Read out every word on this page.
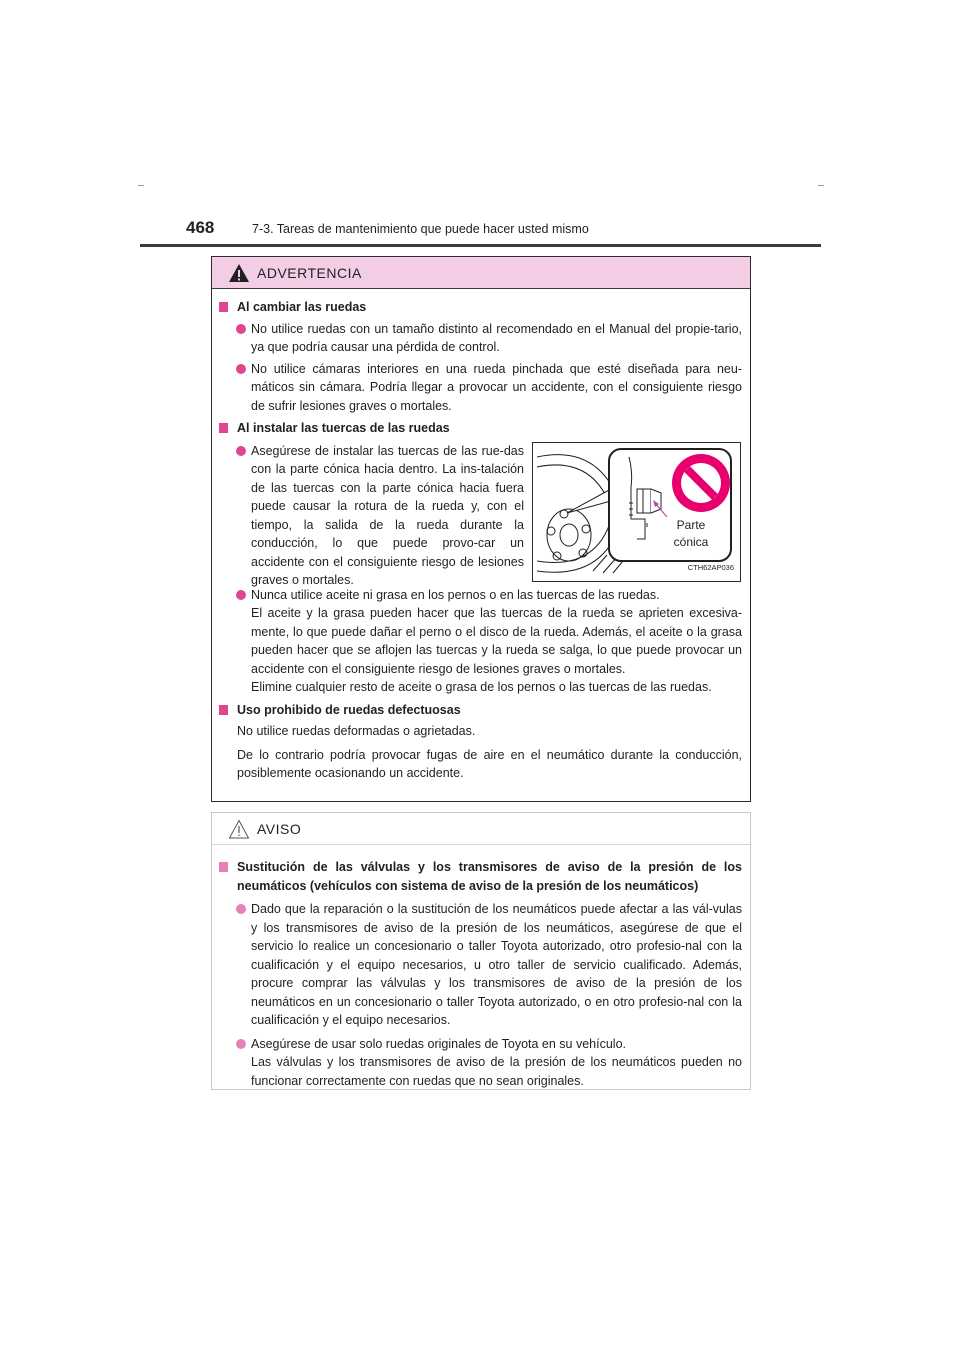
468	7-3. Tareas de mantenimiento que puede hacer usted mismo
ADVERTENCIA
Al cambiar las ruedas
No utilice ruedas con un tamaño distinto al recomendado en el Manual del propie-tario, ya que podría causar una pérdida de control.
No utilice cámaras interiores en una rueda pinchada que esté diseñada para neu-máticos sin cámara. Podría llegar a provocar un accidente, con el consiguiente riesgo de sufrir lesiones graves o mortales.
Al instalar las tuercas de las ruedas
Asegúrese de instalar las tuercas de las rue-das con la parte cónica hacia dentro. La ins-talación de las tuercas con la parte cónica hacia fuera puede causar la rotura de la rueda y, con el tiempo, la salida de la rueda durante la conducción, lo que puede provo-car un accidente con el consiguiente riesgo de lesiones graves o mortales.
Parte cónica
CTH62AP036
Nunca utilice aceite ni grasa en los pernos o en las tuercas de las ruedas.
El aceite y la grasa pueden hacer que las tuercas de la rueda se aprieten excesiva-mente, lo que puede dañar el perno o el disco de la rueda. Además, el aceite o la grasa pueden hacer que se aflojen las tuercas y la rueda se salga, lo que puede provocar un accidente con el consiguiente riesgo de lesiones graves o mortales.
Elimine cualquier resto de aceite o grasa de los pernos o las tuercas de las ruedas.
Uso prohibido de ruedas defectuosas
No utilice ruedas deformadas o agrietadas.
De lo contrario podría provocar fugas de aire en el neumático durante la conducción, posiblemente ocasionando un accidente.
AVISO
Sustitución de las válvulas y los transmisores de aviso de la presión de los neumáticos (vehículos con sistema de aviso de la presión de los neumáticos)
Dado que la reparación o la sustitución de los neumáticos puede afectar a las vál-vulas y los transmisores de aviso de la presión de los neumáticos, asegúrese de que el servicio lo realice un concesionario o taller Toyota autorizado, otro profesio-nal con la cualificación y el equipo necesarios, u otro taller de servicio cualificado. Además, procure comprar las válvulas y los transmisores de aviso de la presión de los neumáticos en un concesionario o taller Toyota autorizado, o en otro profesio-nal con la cualificación y el equipo necesarios.
Asegúrese de usar solo ruedas originales de Toyota en su vehículo.
Las válvulas y los transmisores de aviso de la presión de los neumáticos pueden no funcionar correctamente con ruedas que no sean originales.
